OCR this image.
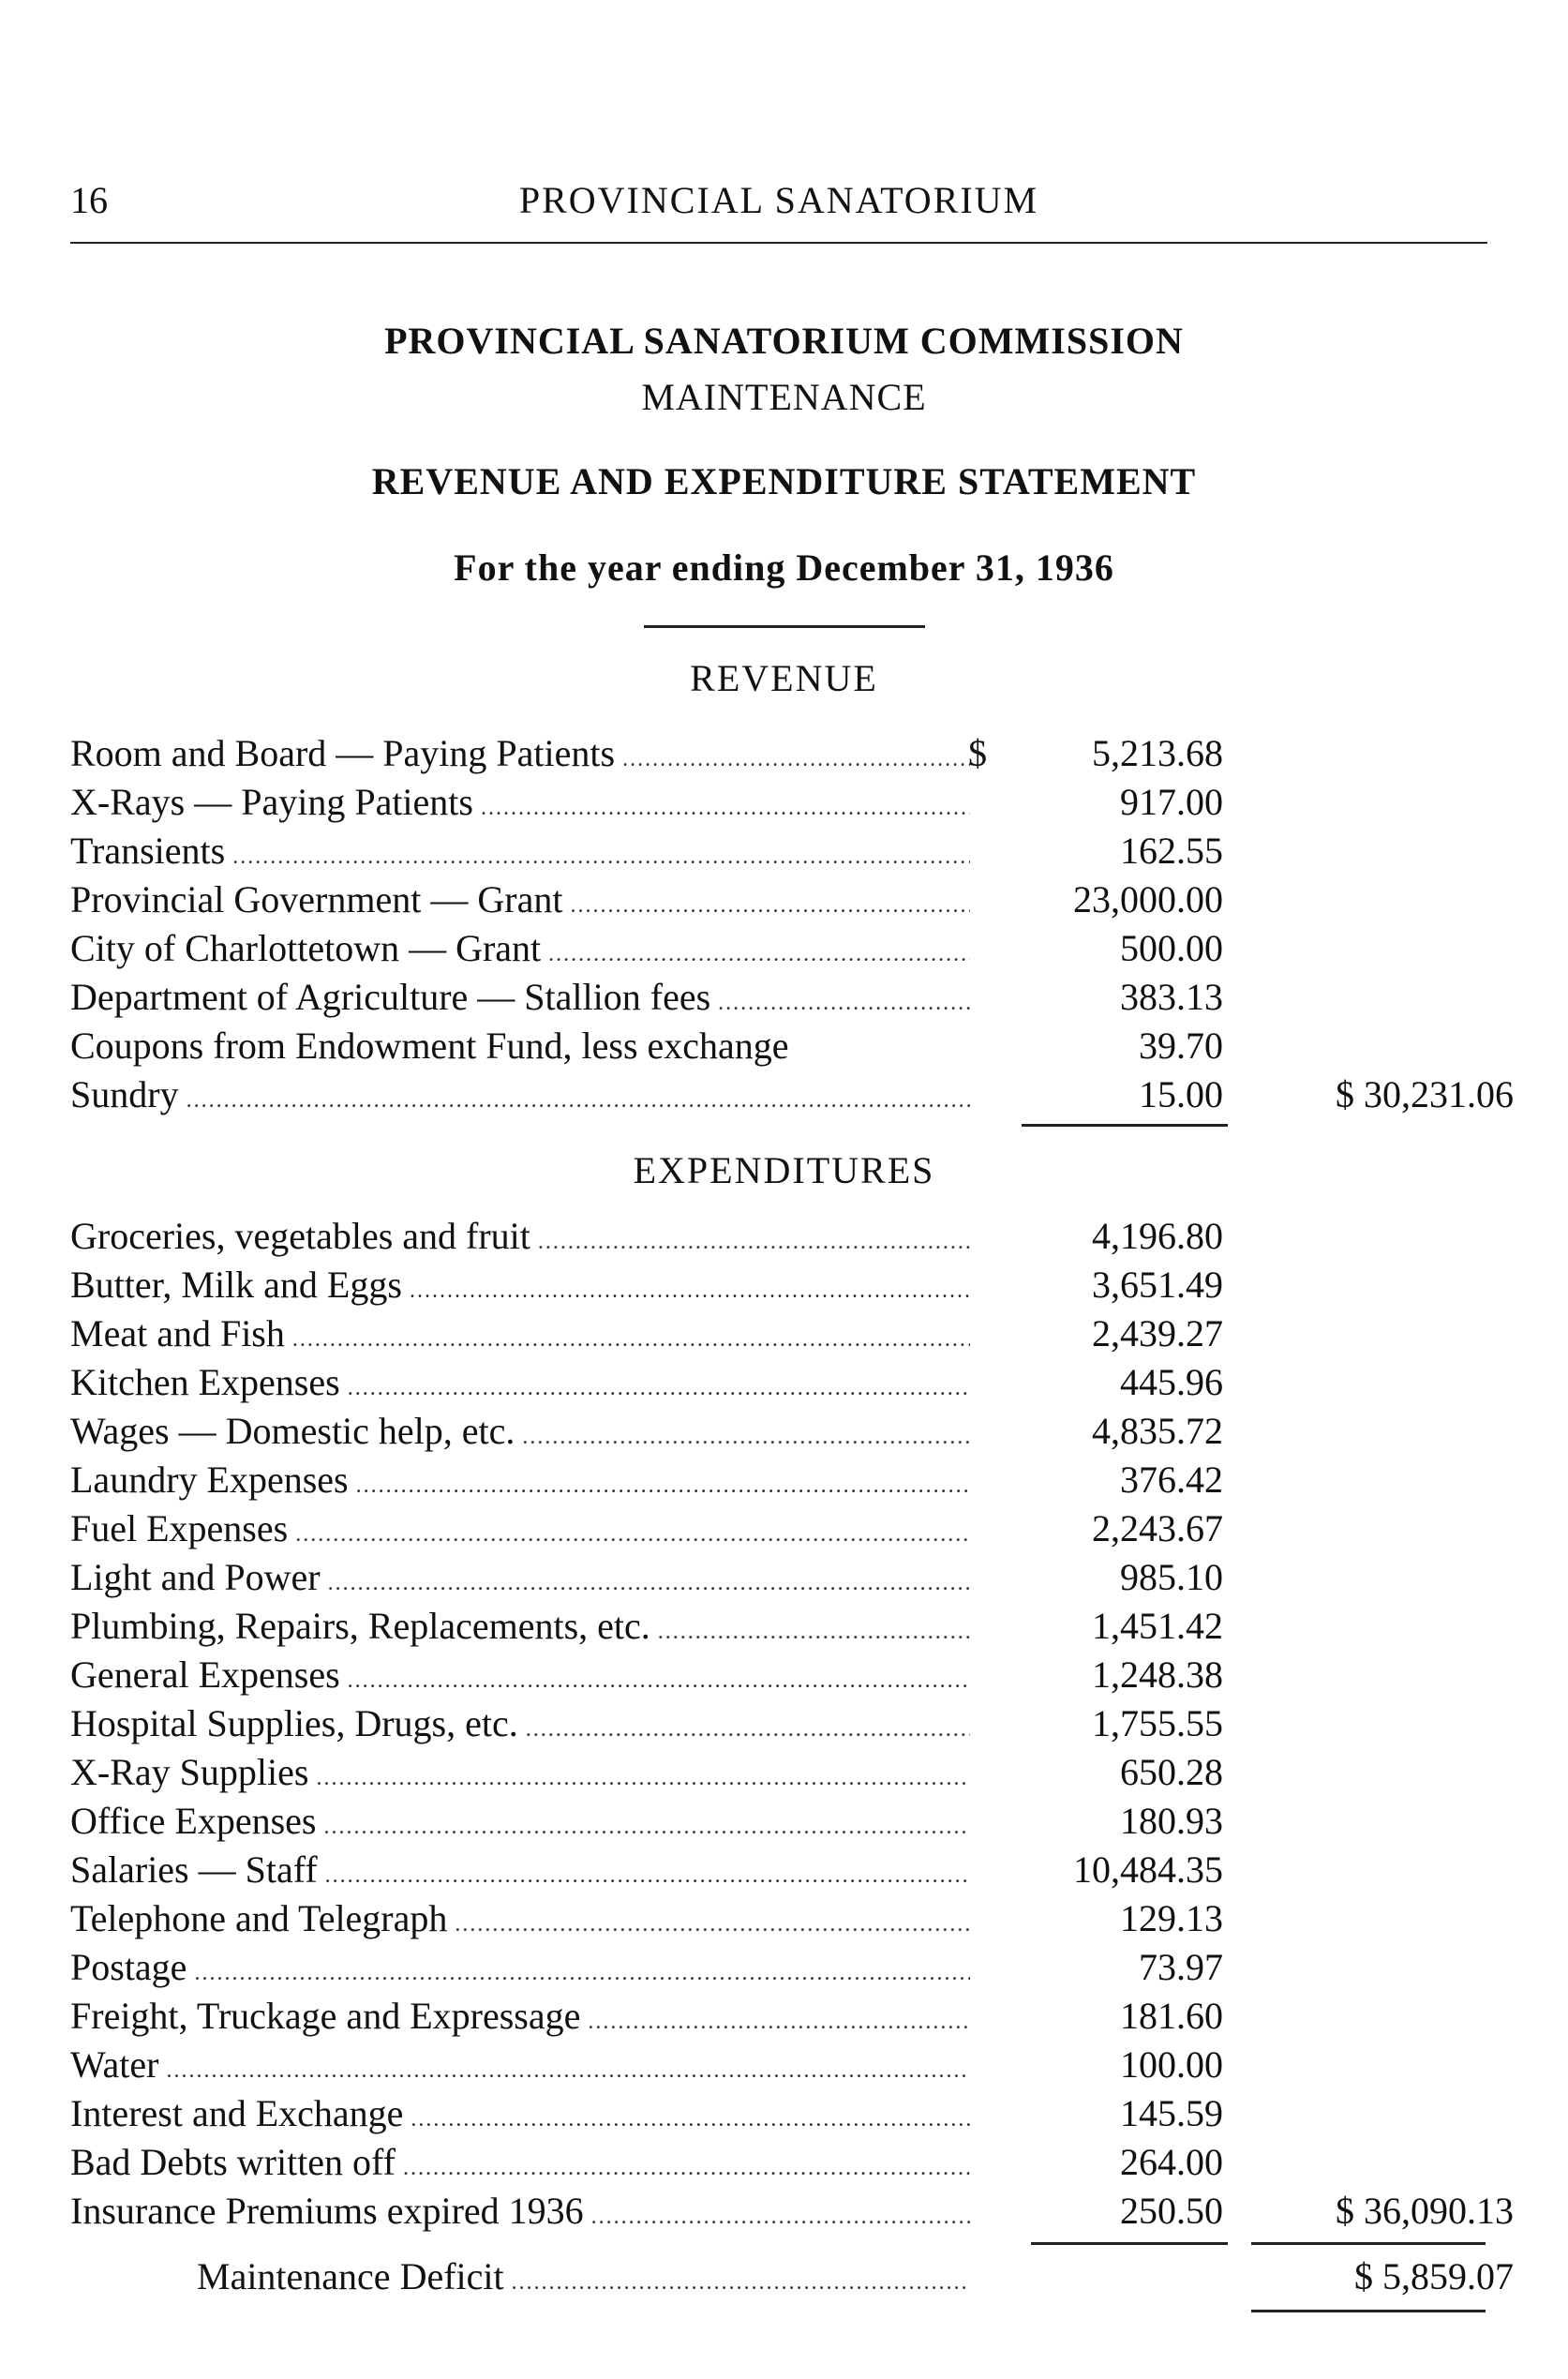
16	PROVINCIAL SANATORIUM
PROVINCIAL SANATORIUM COMMISSION
MAINTENANCE
REVENUE AND EXPENDITURE STATEMENT
For the year ending December 31, 1936
REVENUE
Room and Board — Paying Patients .....	$	5,213.68
X-Rays — Paying Patients .....	917.00
Transients .....	162.55
Provincial Government — Grant .....	23,000.00
City of Charlottetown — Grant .....	500.00
Department of Agriculture — Stallion fees .....	383.13
Coupons from Endowment Fund, less exchange	39.70
Sundry .....	15.00	$ 30,231.06
EXPENDITURES
Groceries, vegetables and fruit .....	4,196.80
Butter, Milk and Eggs .....	3,651.49
Meat and Fish .....	2,439.27
Kitchen Expenses .....	445.96
Wages — Domestic help, etc. .....	4,835.72
Laundry Expenses .....	376.42
Fuel Expenses .....	2,243.67
Light and Power .....	985.10
Plumbing, Repairs, Replacements, etc. .....	1,451.42
General Expenses .....	1,248.38
Hospital Supplies, Drugs, etc. .....	1,755.55
X-Ray Supplies .....	650.28
Office Expenses .....	180.93
Salaries — Staff .....	10,484.35
Telephone and Telegraph .....	129.13
Postage .....	73.97
Freight, Truckage and Expressage .....	181.60
Water .....	100.00
Interest and Exchange .....	145.59
Bad Debts written off .....	264.00
Insurance Premiums expired 1936 .....	250.50	$ 36,090.13
Maintenance Deficit .....	$ 5,859.07
